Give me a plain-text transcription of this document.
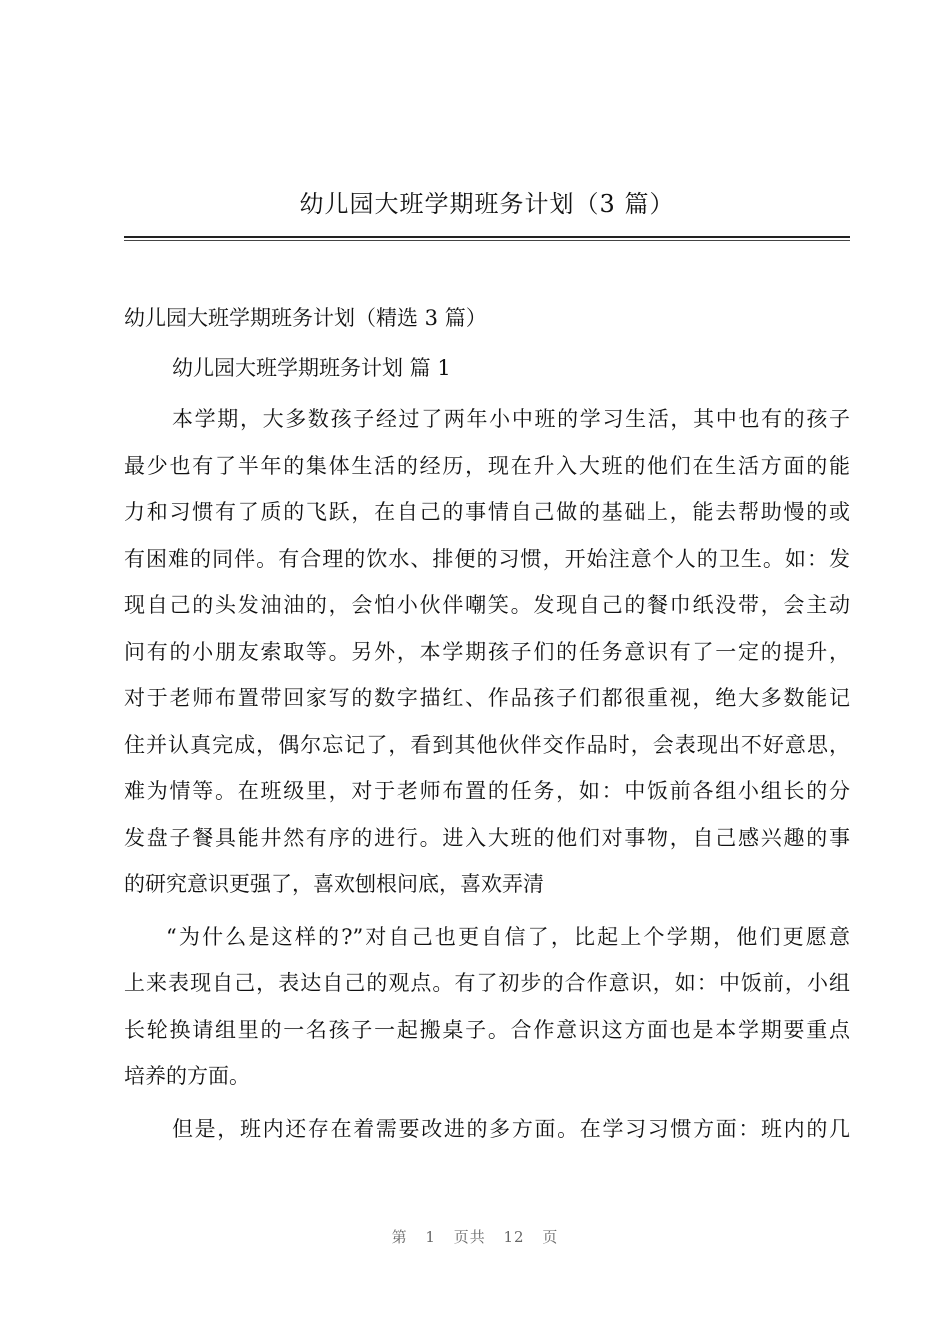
幼儿园大班学期班务计划（3 篇）

幼儿园大班学期班务计划（精选 3 篇）

幼儿园大班学期班务计划 篇 1

本学期，大多数孩子经过了两年小中班的学习生活，其中也有的孩子
最少也有了半年的集体生活的经历，现在升入大班的他们在生活方面的能
力和习惯有了质的飞跃，在自己的事情自己做的基础上，能去帮助慢的或
有困难的同伴。有合理的饮水、排便的习惯，开始注意个人的卫生。如：发
现自己的头发油油的，会怕小伙伴嘲笑。发现自己的餐巾纸没带，会主动
问有的小朋友索取等。另外，本学期孩子们的任务意识有了一定的提升，
对于老师布置带回家写的数字描红、作品孩子们都很重视，绝大多数能记
住并认真完成，偶尔忘记了，看到其他伙伴交作品时，会表现出不好意思，
难为情等。在班级里，对于老师布置的任务，如：中饭前各组小组长的分
发盘子餐具能井然有序的进行。进入大班的他们对事物，自己感兴趣的事
的研究意识更强了，喜欢刨根问底，喜欢弄清

“为什么是这样的?”对自己也更自信了，比起上个学期，他们更愿意
上来表现自己，表达自己的观点。有了初步的合作意识，如：中饭前，小组
长轮换请组里的一名孩子一起搬桌子。合作意识这方面也是本学期要重点
培养的方面。

但是，班内还存在着需要改进的多方面。在学习习惯方面：班内的几

第 1 页共 12 页
